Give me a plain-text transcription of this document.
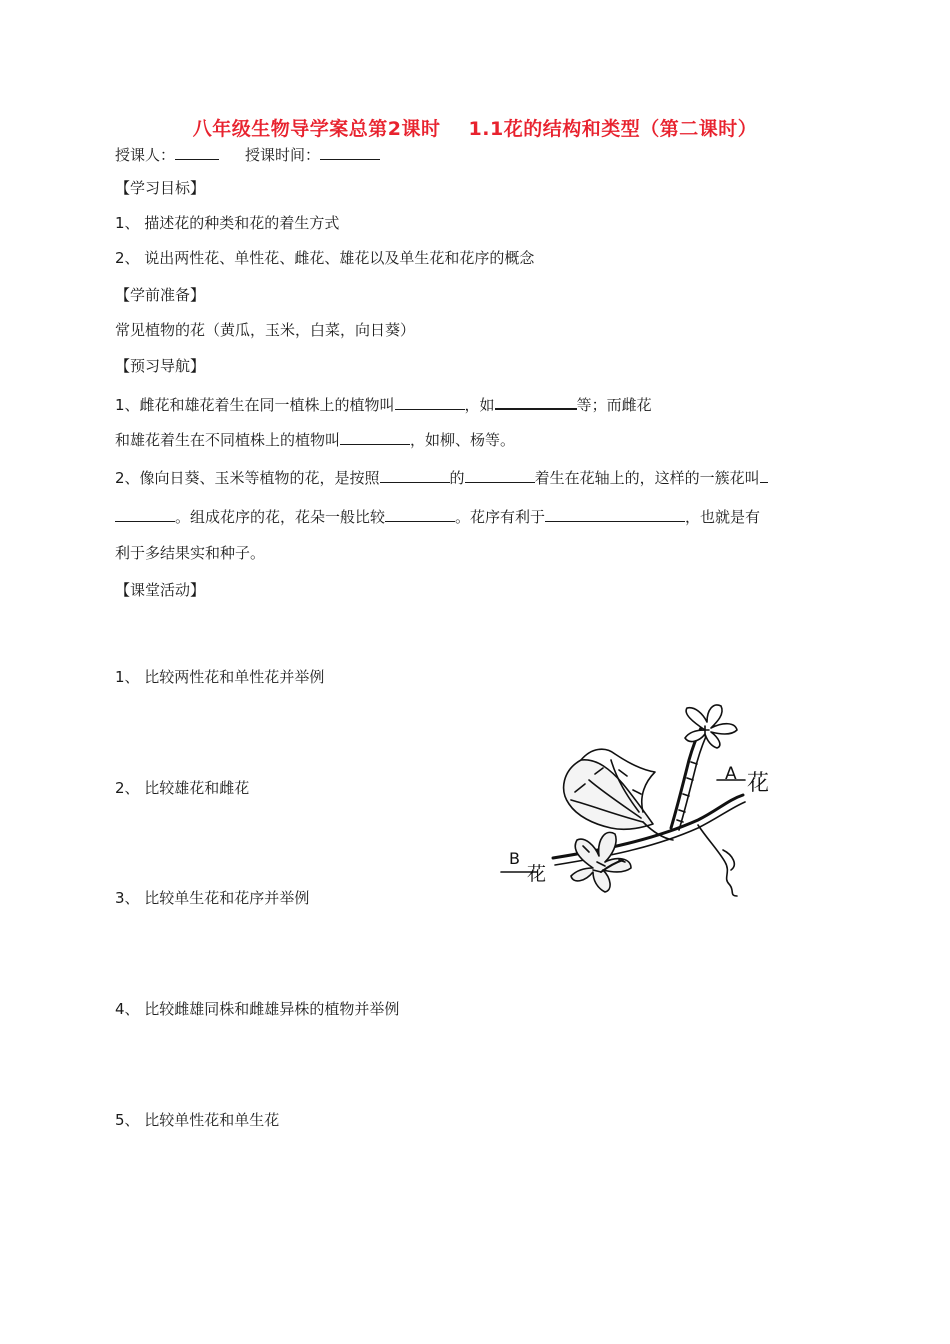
八年级生物导学案总第2课时 1.1花的结构和类型（第二课时）
授课人：	授课时间：
【学习目标】
1、 描述花的种类和花的着生方式
2、 说出两性花、单性花、雌花、雄花以及单生花和花序的概念
【学前准备】
常见植物的花（黄瓜，玉米，白菜，向日葵）
【预习导航】
1、雌花和雄花着生在同一植株上的植物叫	，如	等；而雌花
和雄花着生在不同植株上的植物叫	，如柳、杨等。
2、像向日葵、玉米等植物的花，是按照	的	着生在花轴上的，这样的一簇花叫
。组成花序的花，花朵一般比较	。花序有利于	，也就是有
利于多结果实和种子。
【课堂活动】
1、 比较两性花和单性花并举例
2、 比较雄花和雌花
3、 比较单生花和花序并举例
4、 比较雌雄同株和雌雄异株的植物并举例
5、 比较单性花和单生花
A 花
B
花
